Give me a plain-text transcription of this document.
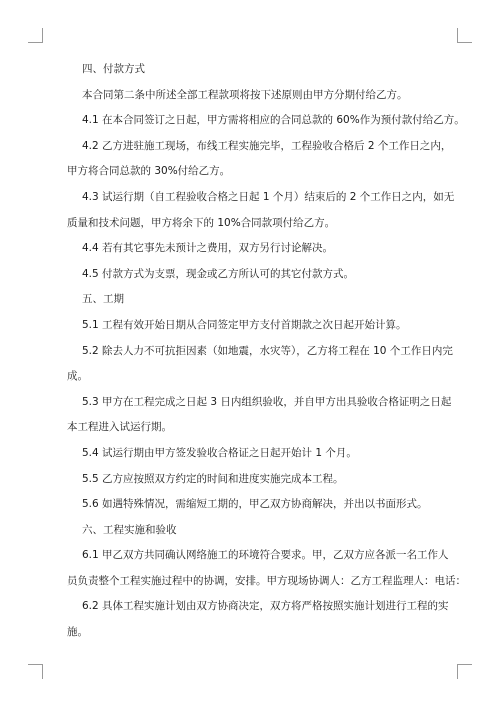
四、付款方式

本合同第二条中所述全部工程款项将按下述原则由甲方分期付给乙方。

4.1 在本合同签订之日起，甲方需将相应的合同总款的 60%作为预付款付给乙方。

4.2 乙方进驻施工现场，布线工程实施完毕，工程验收合格后 2 个工作日之内，

甲方将合同总款的 30%付给乙方。

4.3 试运行期（自工程验收合格之日起 1 个月）结束后的 2 个工作日之内，如无

质量和技术问题，甲方将余下的 10%合同款项付给乙方。

4.4 若有其它事先未预计之费用，双方另行讨论解决。

4.5 付款方式为支票，现金或乙方所认可的其它付款方式。

五、工期

5.1 工程有效开始日期从合同签定甲方支付首期款之次日起开始计算。

5.2 除去人力不可抗拒因素（如地震，水灾等），乙方将工程在 10 个工作日内完

成。

5.3 甲方在工程完成之日起 3 日内组织验收，并自甲方出具验收合格证明之日起

本工程进入试运行期。

5.4 试运行期由甲方签发验收合格证之日起开始计 1 个月。

5.5 乙方应按照双方约定的时间和进度实施完成本工程。

5.6 如遇特殊情况，需缩短工期的，甲乙双方协商解决，并出以书面形式。

六、工程实施和验收

6.1 甲乙双方共同确认网络施工的环境符合要求。甲，乙双方应各派一名工作人

员负责整个工程实施过程中的协调，安排。甲方现场协调人：乙方工程监理人：电话：

6.2 具体工程实施计划由双方协商决定，双方将严格按照实施计划进行工程的实

施。
